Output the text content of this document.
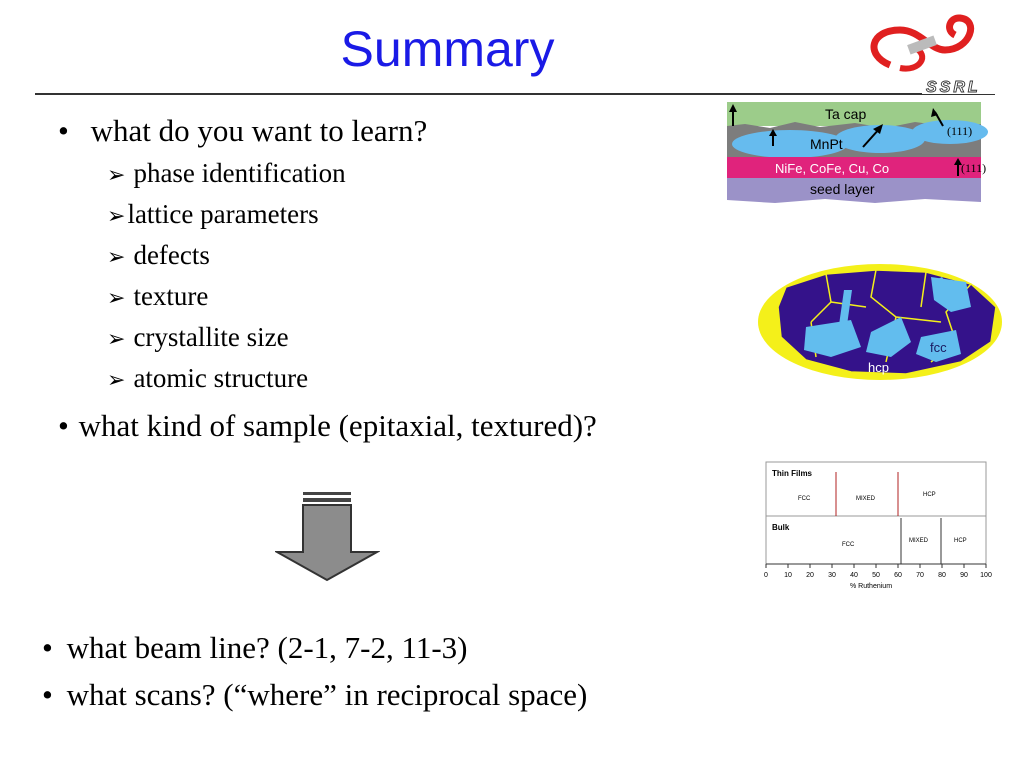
Summary
SSRL
• what do you want to learn?
➢ phase identification
➢lattice parameters
➢ defects
➢ texture
➢ crystallite size
➢ atomic structure
• what kind of sample (epitaxial, textured)?
• what beam line? (2-1, 7-2, 11-3)
• what scans? (“where” in reciprocal space)
Ta cap
MnPt
NiFe, CoFe, Cu, Co
seed layer
(111)
(111)
fcc
hcp
Thin Films
FCC	MIXED
HCP
Bulk
FCC
MIXED	HCP
0 10 20 30 40 50 60 70 80 90 100
% Ruthenium
